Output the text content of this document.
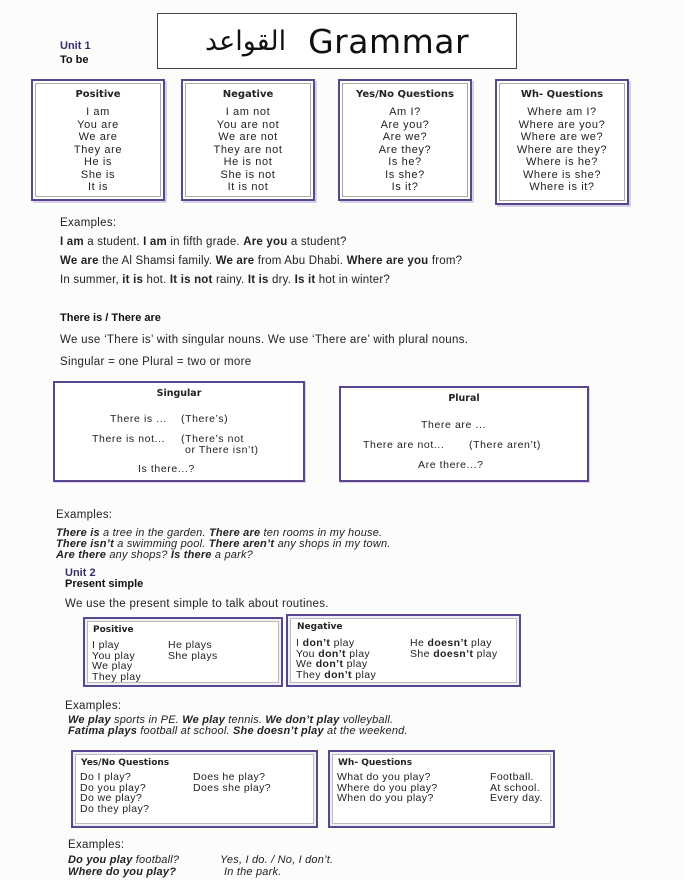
القواعد Grammar
Unit 1
To be
Positive
I am
You are
We are
They are
He is
She is
It is
Negative
I am not
You are not
We are not
They are not
He is not
She is not
It is not
Yes/No Questions
Am I?
Are you?
Are we?
Are they?
Is he?
Is she?
Is it?
Wh- Questions
Where am I?
Where are you?
Where are we?
Where are they?
Where is he?
Where is she?
Where is it?
Examples:
I am a student. I am in fifth grade. Are you a student?
We are the Al Shamsi family. We are from Abu Dhabi. Where are you from?
In summer, it is hot. It is not rainy. It is dry. Is it hot in winter?
There is / There are
We use ‘There is’ with singular nouns. We use ‘There are’ with plural nouns.
Singular = one Plural = two or more
Singular
There is ... (There’s)
There is not... (There’s not
or There isn’t)
Is there...?
Plural
There are ...
There are not... (There aren’t)
Are there...?
Examples:
There is a tree in the garden. There are ten rooms in my house.
There isn’t a swimming pool. There aren’t any shops in my town.
Are there any shops? Is there a park?
Unit 2
Present simple
We use the present simple to talk about routines.
Positive
I play
You play
We play
They play
He plays
She plays
Negative
I don’t play
You don’t play
We don’t play
They don’t play
He doesn’t play
She doesn’t play
Examples:
We play sports in PE. We play tennis. We don’t play volleyball.
Fatima plays football at school. She doesn’t play at the weekend.
Yes/No Questions
Do I play?
Do you play?
Do we play?
Do they play?
Does he play?
Does she play?
Wh- Questions
What do you play?
Where do you play?
When do you play?
Football.
At school.
Every day.
Examples:
Do you play football?	Yes, I do. / No, I don’t.
Where do you play?	In the park.
